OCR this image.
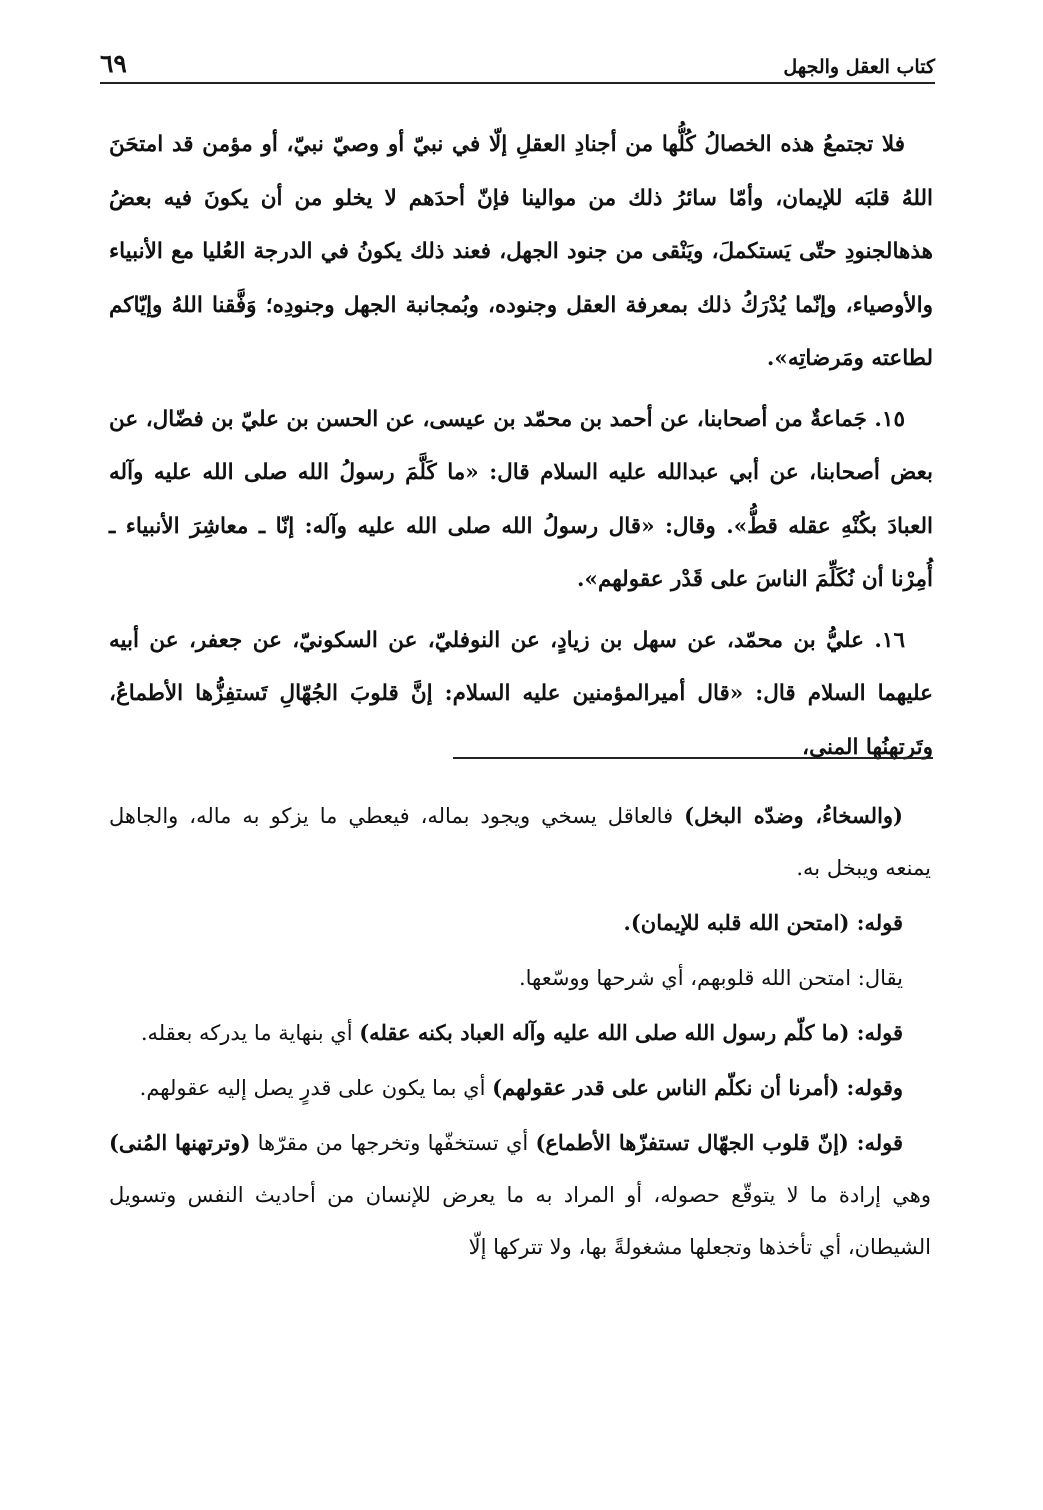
كتاب العقل والجهل
٦٩

فلا تجتمعُ هذه الخصالُ كُلُّها من أجنادِ العقلِ إلّا في نبيّ أو وصيّ نبيّ، أو مؤمن قد امتحَنَ اللهُ قلبَه للإيمان، وأمّا سائرُ ذلك من موالينا فإنّ أحدَهم لا يخلو من أن يكونَ فيه بعضُ هذهالجنودِ حتّى يَستكملَ، ويَنْقى من جنود الجهل، فعند ذلك يكونُ في الدرجة العُليا مع الأنبياء والأوصياء، وإنّما يُدْرَكُ ذلك بمعرفة العقل وجنوده، وبُمجانبة الجهل وجنودِه؛ وَفَّقنا اللهُ وإيّاكم لطاعته ومَرضاتِه».

١٥. جَماعةٌ من أصحابنا، عن أحمد بن محمّد بن عيسى، عن الحسن بن عليّ بن فضّال، عن بعض أصحابنا، عن أبي عبدالله عليه السلام قال: «ما كَلَّمَ رسولُ الله صلى الله عليه وآله العبادَ بكُنْهِ عقله قطُّ». وقال: «قال رسولُ الله صلى الله عليه وآله: إنّا ـ معاشِرَ الأنبياء ـ أُمِرْنا أن نُكَلِّمَ الناسَ على قَدْر عقولهم».

١٦. عليُّ بن محمّد، عن سهل بن زيادٍ، عن النوفليّ، عن السكونيّ، عن جعفر، عن أبيه عليهما السلام قال: «قال أميرالمؤمنين عليه السلام: إنَّ قلوبَ الجُهّالِ تَستفِزُّها الأطماعُ، وتَرتهنُها المنى،

(والسخاءُ، وضدّه البخل) فالعاقل يسخي ويجود بماله، فيعطي ما يزكو به ماله، والجاهل يمنعه ويبخل به.

قوله: (امتحن الله قلبه للإيمان).

يقال: امتحن الله قلوبهم، أي شرحها ووسّعها.

قوله: (ما كلّم رسول الله صلى الله عليه وآله العباد بكنه عقله) أي بنهاية ما يدركه بعقله.

وقوله: (أمرنا أن نكلّم الناس على قدر عقولهم) أي بما يكون على قدرٍ يصل إليه عقولهم.

قوله: (إنّ قلوب الجهّال تستفزّها الأطماع) أي تستخفّها وتخرجها من مقرّها (وترتهنها المُنى) وهي إرادة ما لا يتوقّع حصوله، أو المراد به ما يعرض للإنسان من أحاديث النفس وتسويل الشيطان، أي تأخذها وتجعلها مشغولةً بها، ولا تتركها إلّا
